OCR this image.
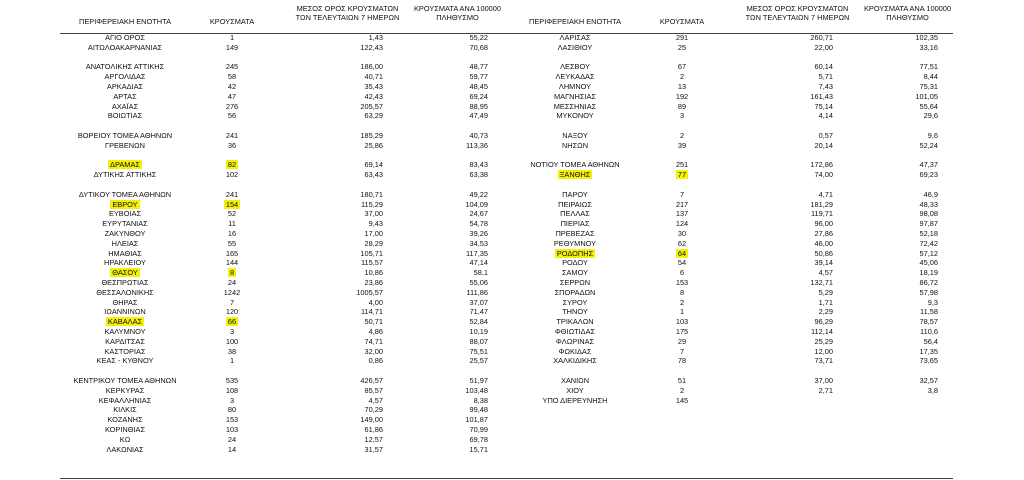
ΠΕΡΙΦΕΡΕΙΑΚΗ ΕΝΟΤΗΤΑ	ΚΡΟΥΣΜΑΤΑ
ΜΕΣΟΣ ΟΡΟΣ ΚΡΟΥΣΜΑΤΩΝ
ΤΩΝ ΤΕΛΕΥΤΑΙΩΝ 7 ΗΜΕΡΩΝ
ΚΡΟΥΣΜΑΤΑ ΑΝΑ 100000
ΠΛΗΘΥΣΜΟ
ΑΓΙΟ ΟΡΟΣ	1	1,43	55,22
ΑΙΤΩΛΟΑΚΑΡΝΑΝΙΑΣ	149	122,43	70,68
ΑΝΑΤΟΛΙΚΗΣ ΑΤΤΙΚΗΣ	245	186,00	48,77
ΑΡΓΟΛΙΔΑΣ	58	40,71	59,77
ΑΡΚΑΔΙΑΣ	42	35,43	48,45
ΑΡΤΑΣ	47	42,43	69,24
ΑΧΑΪΑΣ	276	205,57	88,95
ΒΟΙΩΤΙΑΣ	56	63,29	47,49
ΒΟΡΕΙΟΥ ΤΟΜΕΑ ΑΘΗΝΩΝ	241	185,29	40,73
ΓΡΕΒΕΝΩΝ	36	25,86	113,36
ΔΡΑΜΑΣ	82	69,14	83,43
ΔΥΤΙΚΗΣ ΑΤΤΙΚΗΣ	102	63,43	63,38
ΔΥΤΙΚΟΥ ΤΟΜΕΑ ΑΘΗΝΩΝ	241	180,71	49,22
ΕΒΡΟΥ	154	115,29	104,09
ΕΥΒΟΙΑΣ	52	37,00	24,67
ΕΥΡΥΤΑΝΙΑΣ	11	9,43	54,78
ΖΑΚΥΝΘΟΥ	16	17,00	39,26
ΗΛΕΙΑΣ	55	28,29	34,53
ΗΜΑΘΙΑΣ	165	105,71	117,35
ΗΡΑΚΛΕΙΟΥ	144	115,57	47,14
ΘΑΣΟΥ	8	10,86	58,1
ΘΕΣΠΡΩΤΙΑΣ	24	23,86	55,06
ΘΕΣΣΑΛΟΝΙΚΗΣ	1242	1005,57	111,86
ΘΗΡΑΣ	7	4,00	37,07
ΙΩΑΝΝΙΝΩΝ	120	114,71	71,47
ΚΑΒΑΛΑΣ	66	50,71	52,84
ΚΑΛΥΜΝΟΥ	3	4,86	10,19
ΚΑΡΔΙΤΣΑΣ	100	74,71	88,07
ΚΑΣΤΟΡΙΑΣ	38	32,00	75,51
ΚΕΑΣ - ΚΥΘΝΟΥ	1	0,86	25,57
ΚΕΝΤΡΙΚΟΥ ΤΟΜΕΑ ΑΘΗΝΩΝ	535	426,57	51,97
ΚΕΡΚΥΡΑΣ	108	85,57	103,48
ΚΕΦΑΛΛΗΝΙΑΣ	3	4,57	8,38
ΚΙΛΚΙΣ	80	70,29	99,48
ΚΟΖΑΝΗΣ	153	149,00	101,87
ΚΟΡΙΝΘΙΑΣ	103	61,86	70,99
ΚΩ	24	12,57	69,78
ΛΑΚΩΝΙΑΣ	14	31,57	15,71
ΠΕΡΙΦΕΡΕΙΑΚΗ ΕΝΟΤΗΤΑ	ΚΡΟΥΣΜΑΤΑ
ΜΕΣΟΣ ΟΡΟΣ ΚΡΟΥΣΜΑΤΩΝ
ΤΩΝ ΤΕΛΕΥΤΑΙΩΝ 7 ΗΜΕΡΩΝ
ΚΡΟΥΣΜΑΤΑ ΑΝΑ 100000
ΠΛΗΘΥΣΜΟ
ΛΑΡΙΣΑΣ	291	260,71	102,35
ΛΑΣΙΘΙΟΥ	25	22,00	33,16
ΛΕΣΒΟΥ	67	60,14	77,51
ΛΕΥΚΑΔΑΣ	2	5,71	8,44
ΛΗΜΝΟΥ	13	7,43	75,31
ΜΑΓΝΗΣΙΑΣ	192	161,43	101,05
ΜΕΣΣΗΝΙΑΣ	89	75,14	55,64
ΜΥΚΟΝΟΥ	3	4,14	29,6
ΝΑΞΟΥ	2	0,57	9,6
ΝΗΣΩΝ	39	20,14	52,24
ΝΟΤΙΟΥ ΤΟΜΕΑ ΑΘΗΝΩΝ	251	172,86	47,37
ΞΑΝΘΗΣ	77	74,00	69,23
ΠΑΡΟΥ	7	4,71	46,9
ΠΕΙΡΑΙΩΣ	217	181,29	48,33
ΠΕΛΛΑΣ	137	119,71	98,08
ΠΙΕΡΙΑΣ	124	96,00	97,87
ΠΡΕΒΕΖΑΣ	30	27,86	52,18
ΡΕΘΥΜΝΟΥ	62	46,00	72,42
ΡΟΔΟΠΗΣ	64	50,86	57,12
ΡΟΔΟΥ	54	39,14	45,06
ΣΑΜΟΥ	6	4,57	18,19
ΣΕΡΡΩΝ	153	132,71	86,72
ΣΠΟΡΑΔΩΝ	8	5,29	57,98
ΣΥΡΟΥ	2	1,71	9,3
ΤΗΝΟΥ	1	2,29	11,58
ΤΡΙΚΑΛΩΝ	103	96,29	78,57
ΦΘΙΩΤΙΔΑΣ	175	112,14	110,6
ΦΛΩΡΙΝΑΣ	29	25,29	56,4
ΦΩΚΙΔΑΣ	7	12,00	17,35
ΧΑΛΚΙΔΙΚΗΣ	78	73,71	73,65
ΧΑΝΙΩΝ	51	37,00	32,57
ΧΙΟΥ	2	2,71	3,8
ΥΠΟ ΔΙΕΡΕΥΝΗΣΗ	145
